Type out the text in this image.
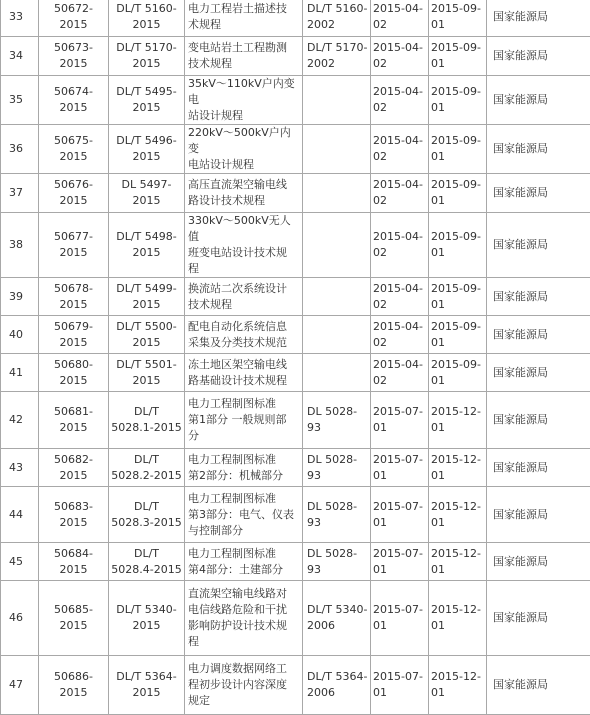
33	50672-
2015	DL/T 5160-
2015	电力工程岩土描述技
术规程	DL/T 5160-
2002	2015-04-
02	2015-09-
01	国家能源局
34	50673-
2015	DL/T 5170-
2015	变电站岩土工程勘测
技术规程	DL/T 5170-
2002	2015-04-
02	2015-09-
01	国家能源局
35	50674-
2015	DL/T 5495-
2015	35kV～110kV户内变电
站设计规程		2015-04-
02	2015-09-
01	国家能源局
36	50675-
2015	DL/T 5496-
2015	220kV～500kV户内变
电站设计规程		2015-04-
02	2015-09-
01	国家能源局
37	50676-
2015	DL 5497-
2015	高压直流架空输电线
路设计技术规程		2015-04-
02	2015-09-
01	国家能源局
38	50677-
2015	DL/T 5498-
2015	330kV～500kV无人值
班变电站设计技术规
程		2015-04-
02	2015-09-
01	国家能源局
39	50678-
2015	DL/T 5499-
2015	换流站二次系统设计
技术规程		2015-04-
02	2015-09-
01	国家能源局
40	50679-
2015	DL/T 5500-
2015	配电自动化系统信息
采集及分类技术规范		2015-04-
02	2015-09-
01	国家能源局
41	50680-
2015	DL/T 5501-
2015	冻土地区架空输电线
路基础设计技术规程		2015-04-
02	2015-09-
01	国家能源局
42	50681-
2015	DL/T
5028.1-2015	电力工程制图标准
第1部分 一般规则部
分	DL 5028-93	2015-07-
01	2015-12-
01	国家能源局
43	50682-
2015	DL/T
5028.2-2015	电力工程制图标准
第2部分：机械部分	DL 5028-93	2015-07-
01	2015-12-
01	国家能源局
44	50683-
2015	DL/T
5028.3-2015	电力工程制图标准
第3部分：电气、仪表
与控制部分	DL 5028-93	2015-07-
01	2015-12-
01	国家能源局
45	50684-
2015	DL/T
5028.4-2015	电力工程制图标准
第4部分：土建部分	DL 5028-93	2015-07-
01	2015-12-
01	国家能源局
46	50685-
2015	DL/T 5340-
2015	直流架空输电线路对
电信线路危险和干扰
影响防护设计技术规
程	DL/T 5340-
2006	2015-07-
01	2015-12-
01	国家能源局
47	50686-
2015	DL/T 5364-
2015	电力调度数据网络工
程初步设计内容深度
规定	DL/T 5364-
2006	2015-07-
01	2015-12-
01	国家能源局
